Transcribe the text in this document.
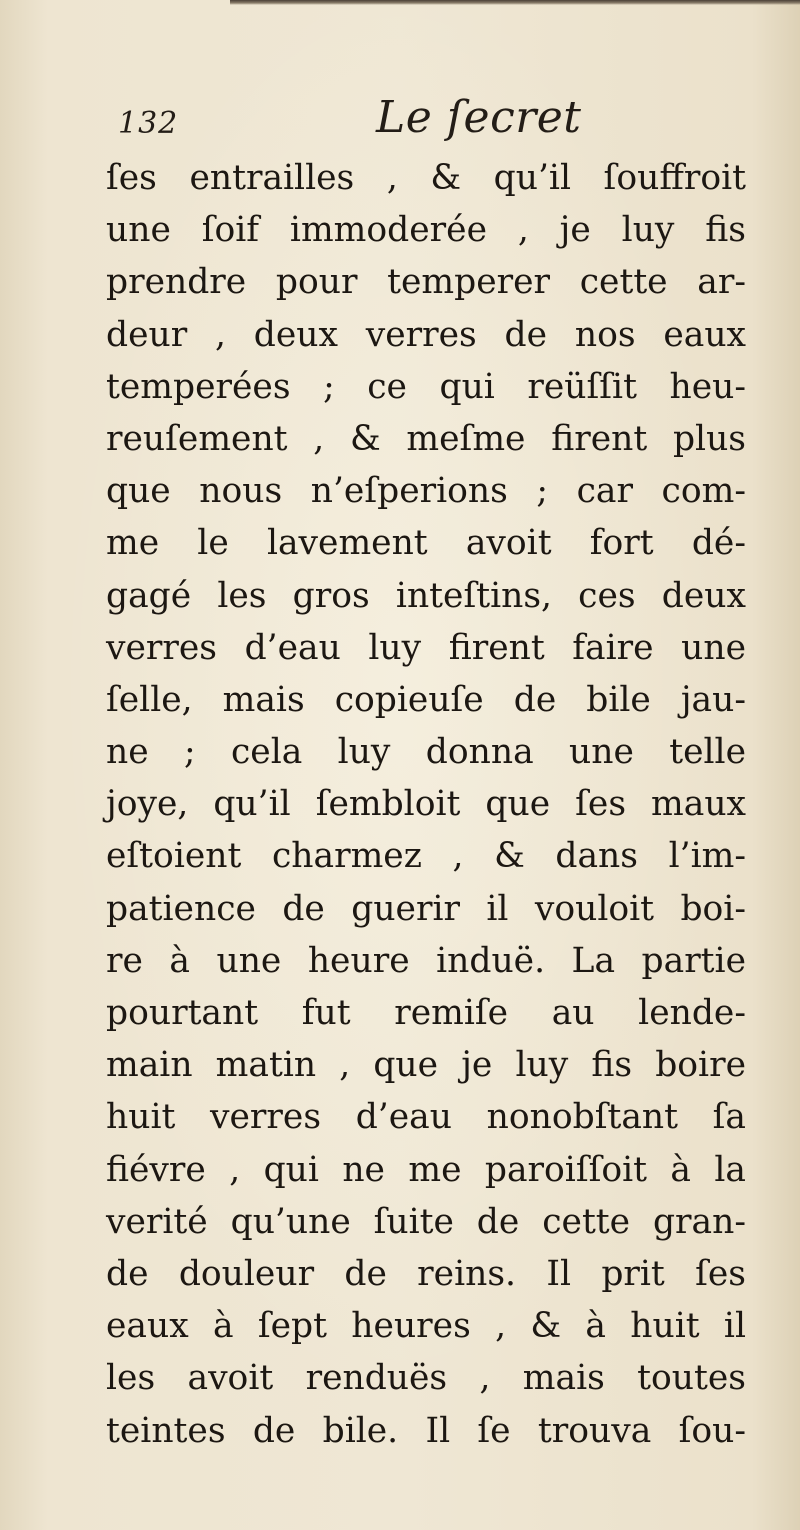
132	Le ſecret
ſes entrailles , & qu’il ſouffroit
une ſoif immoderée , je luy fis
prendre pour temperer cette ar-
deur , deux verres de nos eaux
temperées ; ce qui reüſſit heu-
reuſement , & meſme firent plus
que nous n’eſperions ; car com-
me le lavement avoit fort dé-
gagé les gros inteſtins, ces deux
verres d’eau luy firent faire une
ſelle, mais copieuſe de bile jau-
ne ; cela luy donna une telle
joye, qu’il ſembloit que ſes maux
eſtoient charmez , & dans l’im-
patience de guerir il vouloit boi-
re à une heure induë. La partie
pourtant fut remiſe au lende-
main matin , que je luy fis boire
huit verres d’eau nonobſtant ſa
fiévre , qui ne me paroiſſoit à la
verité qu’une ſuite de cette gran-
de douleur de reins. Il prit ſes
eaux à ſept heures , & à huit il
les avoit renduës , mais toutes
teintes de bile. Il ſe trouva ſou-
